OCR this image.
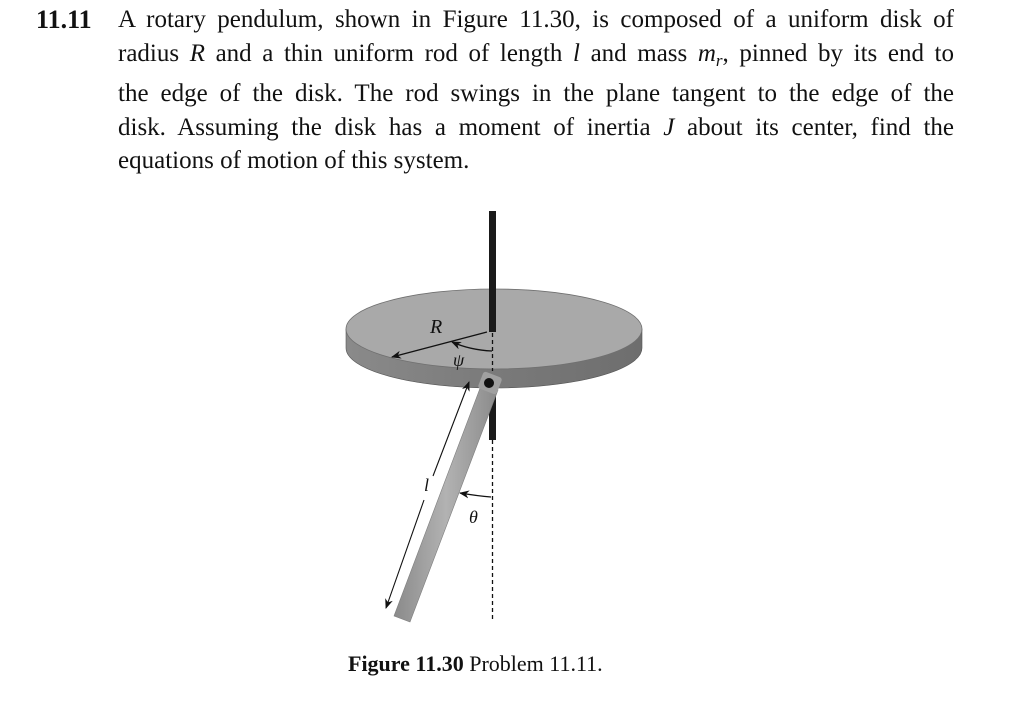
11.11 A rotary pendulum, shown in Figure 11.30, is composed of a uniform disk of
radius R and a thin uniform rod of length l and mass $m_r$, pinned by its end to
the edge of the disk. The rod swings in the plane tangent to the edge of the
disk. Assuming the disk has a moment of inertia J about its center, find the
equations of motion of this system.
R
ψ
l
θ
Figure 11.30 Problem 11.11.
